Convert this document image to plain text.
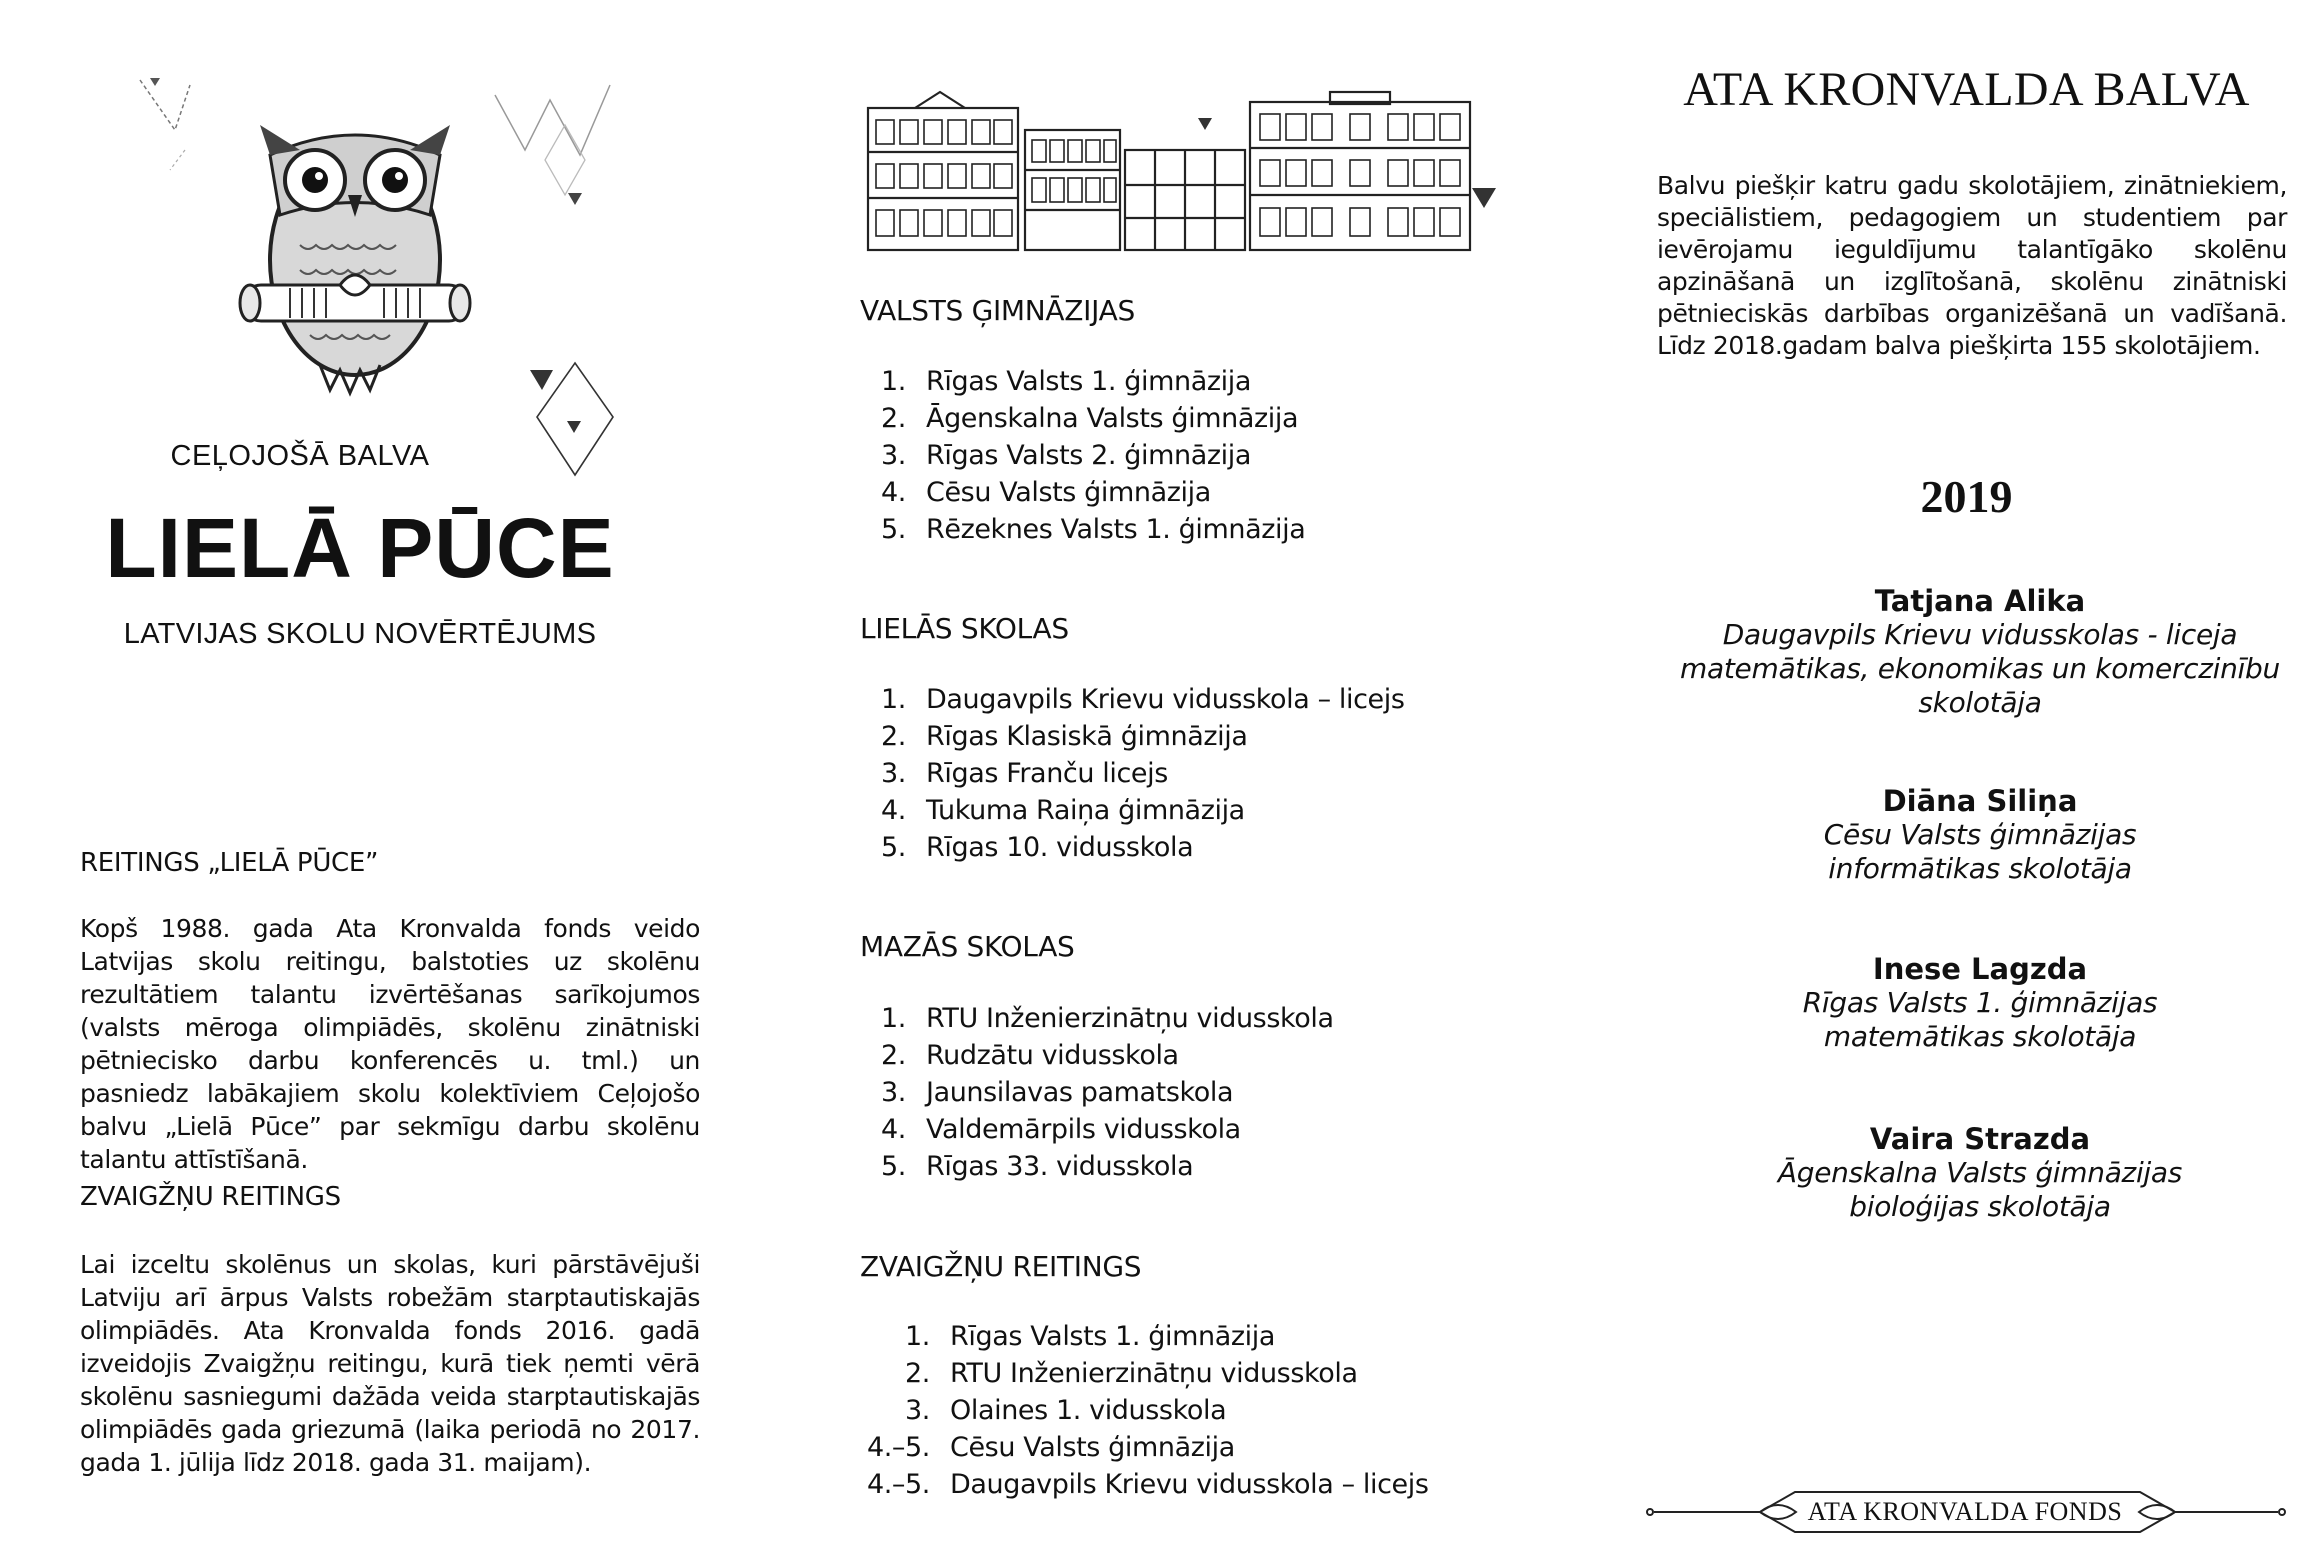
CEĻOJOŠĀ BALVA
LIELĀ PŪCE
LATVIJAS SKOLU NOVĒRTĒJUMS
REITINGS „LIELĀ PŪCE”
Kopš 1988. gada Ata Kronvalda fonds veido Latvijas skolu reitingu, balstoties uz skolēnu rezultātiem talantu izvērtēšanas sarīkojumos (valsts mēroga olimpiādēs, skolēnu zinātniski pētniecisko darbu konferencēs u. tml.) un pasniedz labākajiem skolu kolektīviem Ceļojošo balvu „Lielā Pūce” par sekmīgu darbu skolēnu talantu attīstīšanā.
ZVAIGŽŅU REITINGS
Lai izceltu skolēnus un skolas, kuri pārstāvējuši Latviju arī ārpus Valsts robežām starptautiskajās olimpiādēs. Ata Kronvalda fonds 2016. gadā izveidojis Zvaigžņu reitingu, kurā tiek ņemti vērā skolēnu sasniegumi dažāda veida starptautiskajās olimpiādēs gada griezumā (laika periodā no 2017. gada 1. jūlija līdz 2018. gada 31. maijam).
VALSTS ĢIMNĀZIJAS
1. Rīgas Valsts 1. ģimnāzija
2. Āgenskalna Valsts ģimnāzija
3. Rīgas Valsts 2. ģimnāzija
4. Cēsu Valsts ģimnāzija
5. Rēzeknes Valsts 1. ģimnāzija
LIELĀS SKOLAS
1. Daugavpils Krievu vidusskola – licejs
2. Rīgas Klasiskā ģimnāzija
3. Rīgas Franču licejs
4. Tukuma Raiņa ģimnāzija
5. Rīgas 10. vidusskola
MAZĀS SKOLAS
1. RTU Inženierzinātņu vidusskola
2. Rudzātu vidusskola
3. Jaunsilavas pamatskola
4. Valdemārpils vidusskola
5. Rīgas 33. vidusskola
ZVAIGŽŅU REITINGS
1. Rīgas Valsts 1. ģimnāzija
2. RTU Inženierzinātņu vidusskola
3. Olaines 1. vidusskola
4.–5. Cēsu Valsts ģimnāzija
4.–5. Daugavpils Krievu vidusskola – licejs
ATA KRONVALDA BALVA
Balvu piešķir katru gadu skolotājiem, zinātniekiem, speciālistiem, pedagogiem un studentiem par ievērojamu ieguldījumu talantīgāko skolēnu apzināšanā un izglītošanā, skolēnu zinātniski pētnieciskās darbības organizēšanā un vadīšanā. Līdz 2018.gadam balva piešķirta 155 skolotājiem.
2019
Tatjana Alika
Daugavpils Krievu vidusskolas - liceja
matemātikas, ekonomikas un komerczinību
skolotāja
Diāna Siliņa
Cēsu Valsts ģimnāzijas
informātikas skolotāja
Inese Lagzda
Rīgas Valsts 1. ģimnāzijas
matemātikas skolotāja
Vaira Strazda
Āgenskalna Valsts ģimnāzijas
bioloģijas skolotāja
ATA KRONVALDA FONDS
